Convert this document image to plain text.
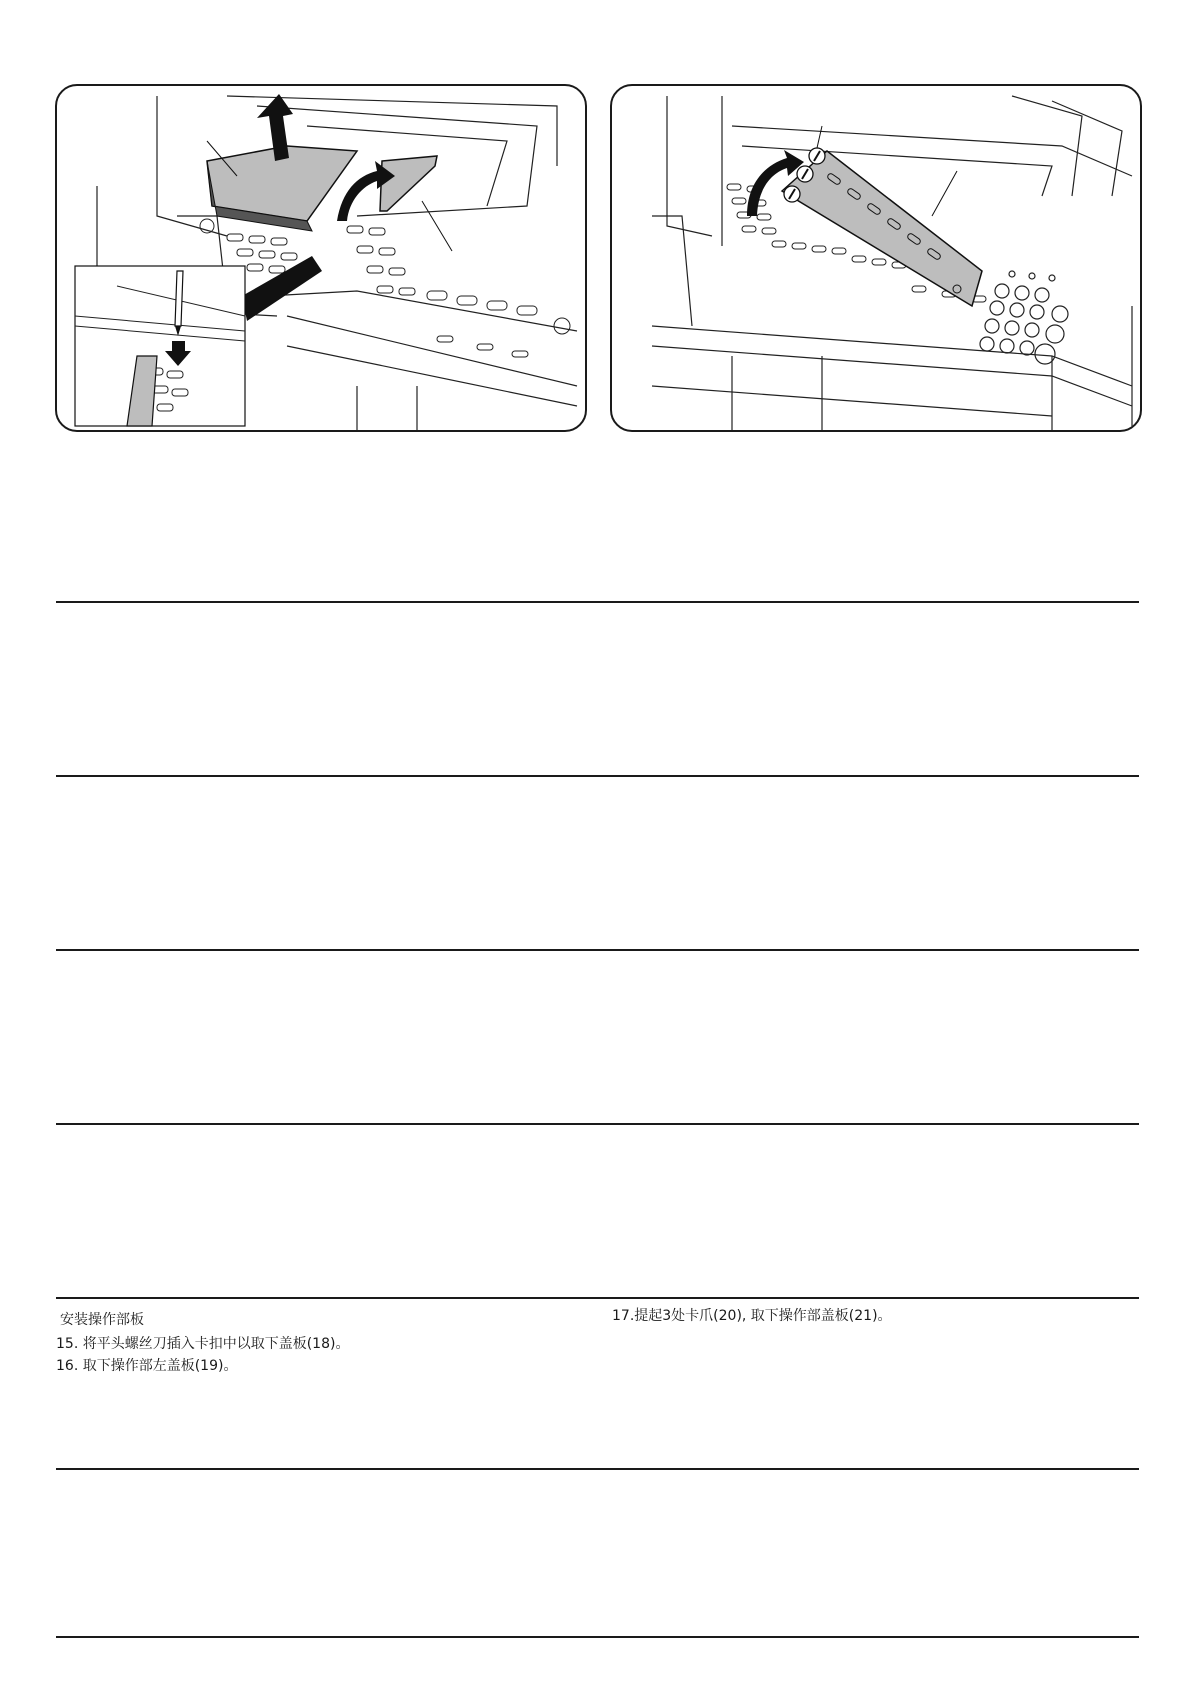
安装操作部板
15. 将平头螺丝刀插入卡扣中以取下盖板(18)。
16. 取下操作部左盖板(19)。
17.提起3处卡爪(20), 取下操作部盖板(21)。
